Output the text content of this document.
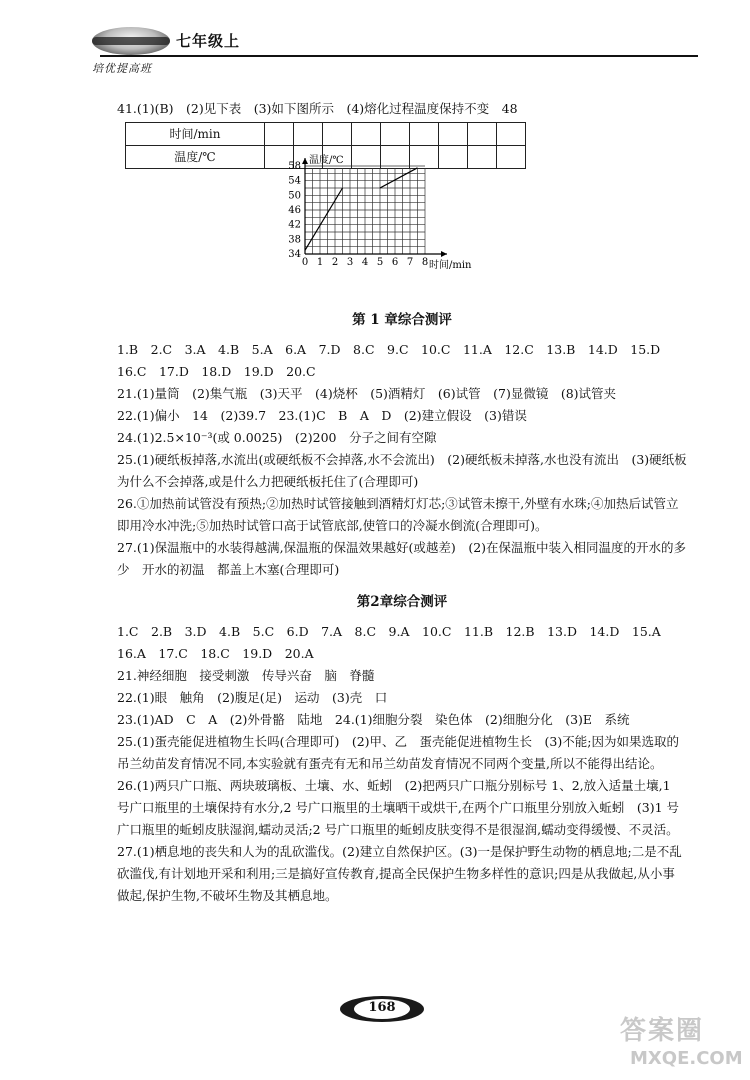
七年级上
培优提高班
41.(1)(B)　(2)见下表　(3)如下图所示　(4)熔化过程温度保持不变　48
时间/min									
温度/℃									
0 1 2 3 4 5 6 7 8
34
38
42
46
50
54
58
温度/℃
时间/min
第 1 章综合测评
1.B　2.C　3.A　4.B　5.A　6.A　7.D　8.C　9.C　10.C　11.A　12.C　13.B　14.D　15.D
16.C　17.D　18.D　19.D　20.C
21.(1)量筒　(2)集气瓶　(3)天平　(4)烧杯　(5)酒精灯　(6)试管　(7)显微镜　(8)试管夹
22.(1)偏小　14　(2)39.7　23.(1)C　B　A　D　(2)建立假设　(3)错误
24.(1)2.5×10⁻³(或 0.0025)　(2)200　分子之间有空隙
25.(1)硬纸板掉落,水流出(或硬纸板不会掉落,水不会流出)　(2)硬纸板未掉落,水也没有流出　(3)硬纸板为什么不会掉落,或是什么力把硬纸板托住了(合理即可)
26.①加热前试管没有预热;②加热时试管接触到酒精灯灯芯;③试管未擦干,外壁有水珠;④加热后试管立即用冷水冲洗;⑤加热时试管口高于试管底部,使管口的冷凝水倒流(合理即可)。
27.(1)保温瓶中的水装得越满,保温瓶的保温效果越好(或越差)　(2)在保温瓶中装入相同温度的开水的多少　开水的初温　都盖上木塞(合理即可)
第2章综合测评
1.C　2.B　3.D　4.B　5.C　6.D　7.A　8.C　9.A　10.C　11.B　12.B　13.D　14.D　15.A
16.A　17.C　18.C　19.D　20.A
21.神经细胞　接受刺激　传导兴奋　脑　脊髓
22.(1)眼　触角　(2)腹足(足)　运动　(3)壳　口
23.(1)AD　C　A　(2)外骨骼　陆地　24.(1)细胞分裂　染色体　(2)细胞分化　(3)E　系统
25.(1)蛋壳能促进植物生长吗(合理即可)　(2)甲、乙　蛋壳能促进植物生长　(3)不能;因为如果选取的吊兰幼苗发育情况不同,本实验就有蛋壳有无和吊兰幼苗发育情况不同两个变量,所以不能得出结论。
26.(1)两只广口瓶、两块玻璃板、土壤、水、蚯蚓　(2)把两只广口瓶分别标号 1、2,放入适量土壤,1 号广口瓶里的土壤保持有水分,2 号广口瓶里的土壤晒干或烘干,在两个广口瓶里分别放入蚯蚓　(3)1 号广口瓶里的蚯蚓皮肤湿润,蠕动灵活;2 号广口瓶里的蚯蚓皮肤变得不是很湿润,蠕动变得缓慢、不灵活。
27.(1)栖息地的丧失和人为的乱砍滥伐。(2)建立自然保护区。(3)一是保护野生动物的栖息地;二是不乱砍滥伐,有计划地开采和利用;三是搞好宣传教育,提高全民保护生物多样性的意识;四是从我做起,从小事做起,保护生物,不破坏生物及其栖息地。
168
答案圈
MXQE.COM
